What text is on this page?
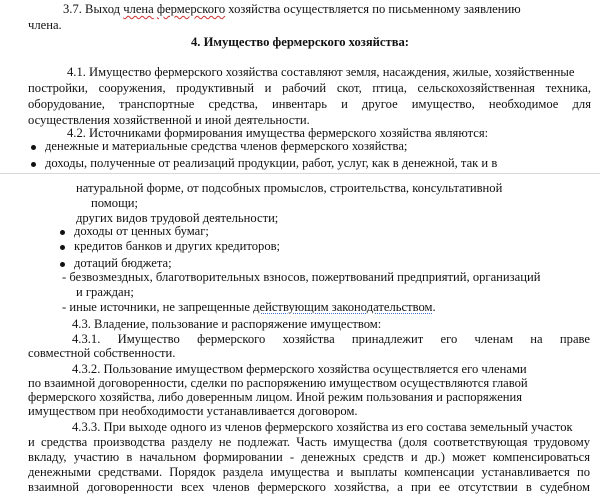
3.7. Выход члена фермерского хозяйства осуществляется по письменному заявлению
члена.
4. Имущество фермерского хозяйства:
4.1. Имущество фермерского хозяйства составляют земля, насаждения, жилые, хозяйственные
постройки, сооружения, продуктивный и рабочий скот, птица, сельскохозяйственная техника,
оборудование, транспортные средства, инвентарь и другое имущество, необходимое для
осуществления хозяйственной и иной деятельности.
4.2. Источниками формирования имущества фермерского хозяйства являются:
денежные и материальные средства членов фермерского хозяйства;
доходы, полученные от реализаций продукции, работ, услуг, как в денежной, так и в
натуральной форме, от подсобных промыслов, строительства, консультативной
помощи;
других видов трудовой деятельности;
доходы от ценных бумаг;
кредитов банков и других кредиторов;
дотаций бюджета;
- безвозмездных, благотворительных взносов, пожертвований предприятий, организаций
и граждан;
- иные источники, не запрещенные действующим законодательством.
4.3. Владение, пользование и распоряжение имуществом:
4.3.1. Имущество фермерского хозяйства принадлежит его членам на праве
совместной собственности.
4.3.2. Пользование имуществом фермерского хозяйства осуществляется его членами
по взаимной договоренности, сделки по распоряжению имуществом осуществляются главой
фермерского хозяйства, либо доверенным лицом. Иной режим пользования и распоряжения
имуществом при необходимости устанавливается договором.
4.3.3. При выходе одного из членов фермерского хозяйства из его состава земельный участок
и средства производства разделу не подлежат. Часть имущества (доля соответствующая трудовому
вкладу, участию в начальном формировании - денежных средств и др.) может компенсироваться
денежными средствами. Порядок раздела имущества и выплаты компенсации устанавливается по
взаимной договоренности всех членов фермерского хозяйства, а при ее отсутствии в судебном
